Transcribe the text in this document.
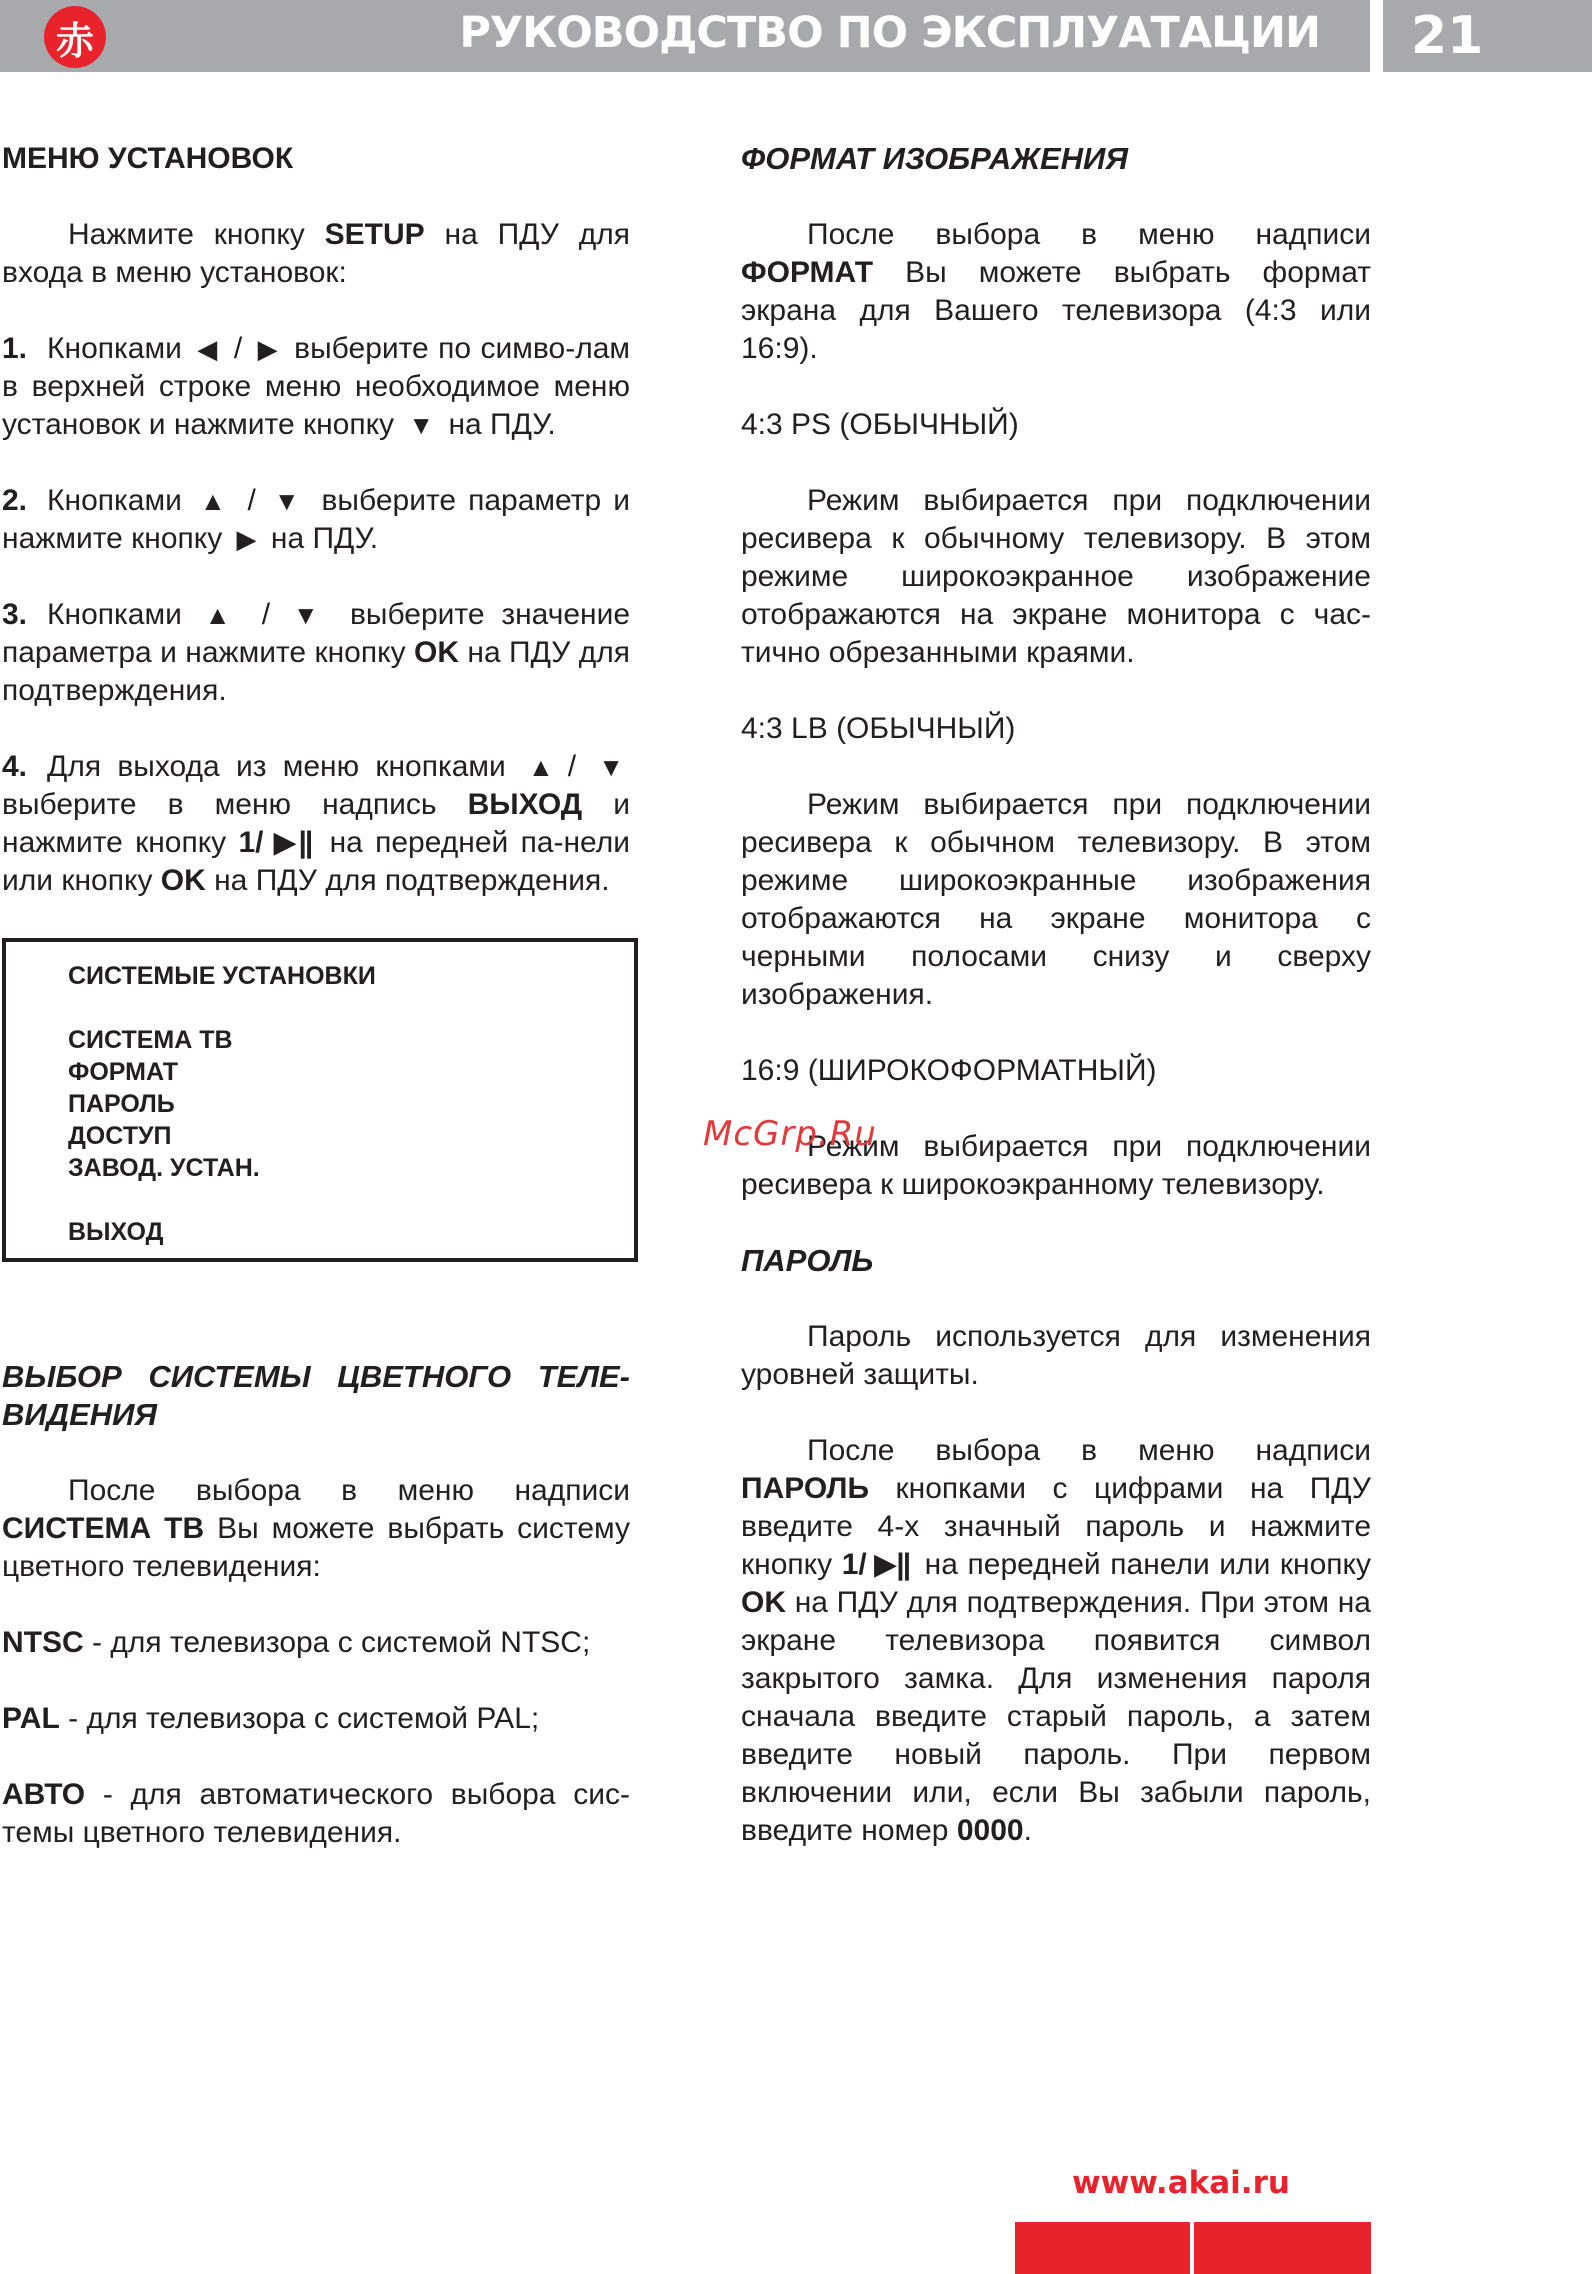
赤	РУКОВОДСТВО ПО ЭКСПЛУАТАЦИИ 21
МЕНЮ УСТАНОВОК

Нажмите кнопку SETUP на ПДУ для входа в меню установок:

1. Кнопками ◀ / ▶ выберите по симво-лам в верхней строке меню необходимое меню установок и нажмите кнопку ▼ на ПДУ.

2. Кнопками ▲ / ▼ выберите параметр и нажмите кнопку ▶ на ПДУ.

3. Кнопками ▲ / ▼ выберите значение параметра и нажмите кнопку OK на ПДУ для подтверждения.

4. Для выхода из меню кнопками ▲ / ▼ выберите в меню надпись ВЫХОД и нажмите кнопку 1/ ▶|| на передней па-нели или кнопку OK на ПДУ для подтверждения.

СИСТЕМЫЕ УСТАНОВКИ
СИСТЕМА ТВ
ФОРМАТ
ПАРОЛЬ
ДОСТУП
ЗАВОД. УСТАН.
ВЫХОД
ВЫБОР СИСТЕМЫ ЦВЕТНОГО ТЕЛЕ-ВИДЕНИЯ

После выбора в меню надписи СИСТЕМА ТВ Вы можете выбрать систему цветного телевидения:

NTSC - для телевизора с системой NTSC;

PAL - для телевизора с системой PAL;

АВТО - для автоматического выбора сис-темы цветного телевидения.

ФОРМАТ ИЗОБРАЖЕНИЯ

После выбора в меню надписи ФОРМАТ Вы можете выбрать формат экрана для Вашего телевизора (4:3 или 16:9).

4:3 PS (ОБЫЧНЫЙ)

Режим выбирается при подключении ресивера к обычному телевизору. В этом режиме широкоэкранное изображение отображаются на экране монитора с час-тично обрезанными краями.

4:3 LB (ОБЫЧНЫЙ)

Режим выбирается при подключении ресивера к обычном телевизору. В этом режиме широкоэкранные изображения отображаются на экране монитора с черными полосами снизу и сверху изображения.

16:9 (ШИРОКОФОРМАТНЫЙ)

Режим выбирается при подключении ресивера к широкоэкранному телевизору.

ПАРОЛЬ

Пароль используется для изменения уровней защиты.

После выбора в меню надписи ПАРОЛЬ кнопками с цифрами на ПДУ введите 4-х значный пароль и нажмите кнопку 1/ ▶|| на передней панели или кнопку OK на ПДУ для подтверждения. При этом на экране телевизора появится символ закрытого замка. Для изменения пароля сначала введите старый пароль, а затем введите новый пароль. При первом включении или, если Вы забыли пароль, введите номер 0000.

McGrp.Ru
www.akai.ru
